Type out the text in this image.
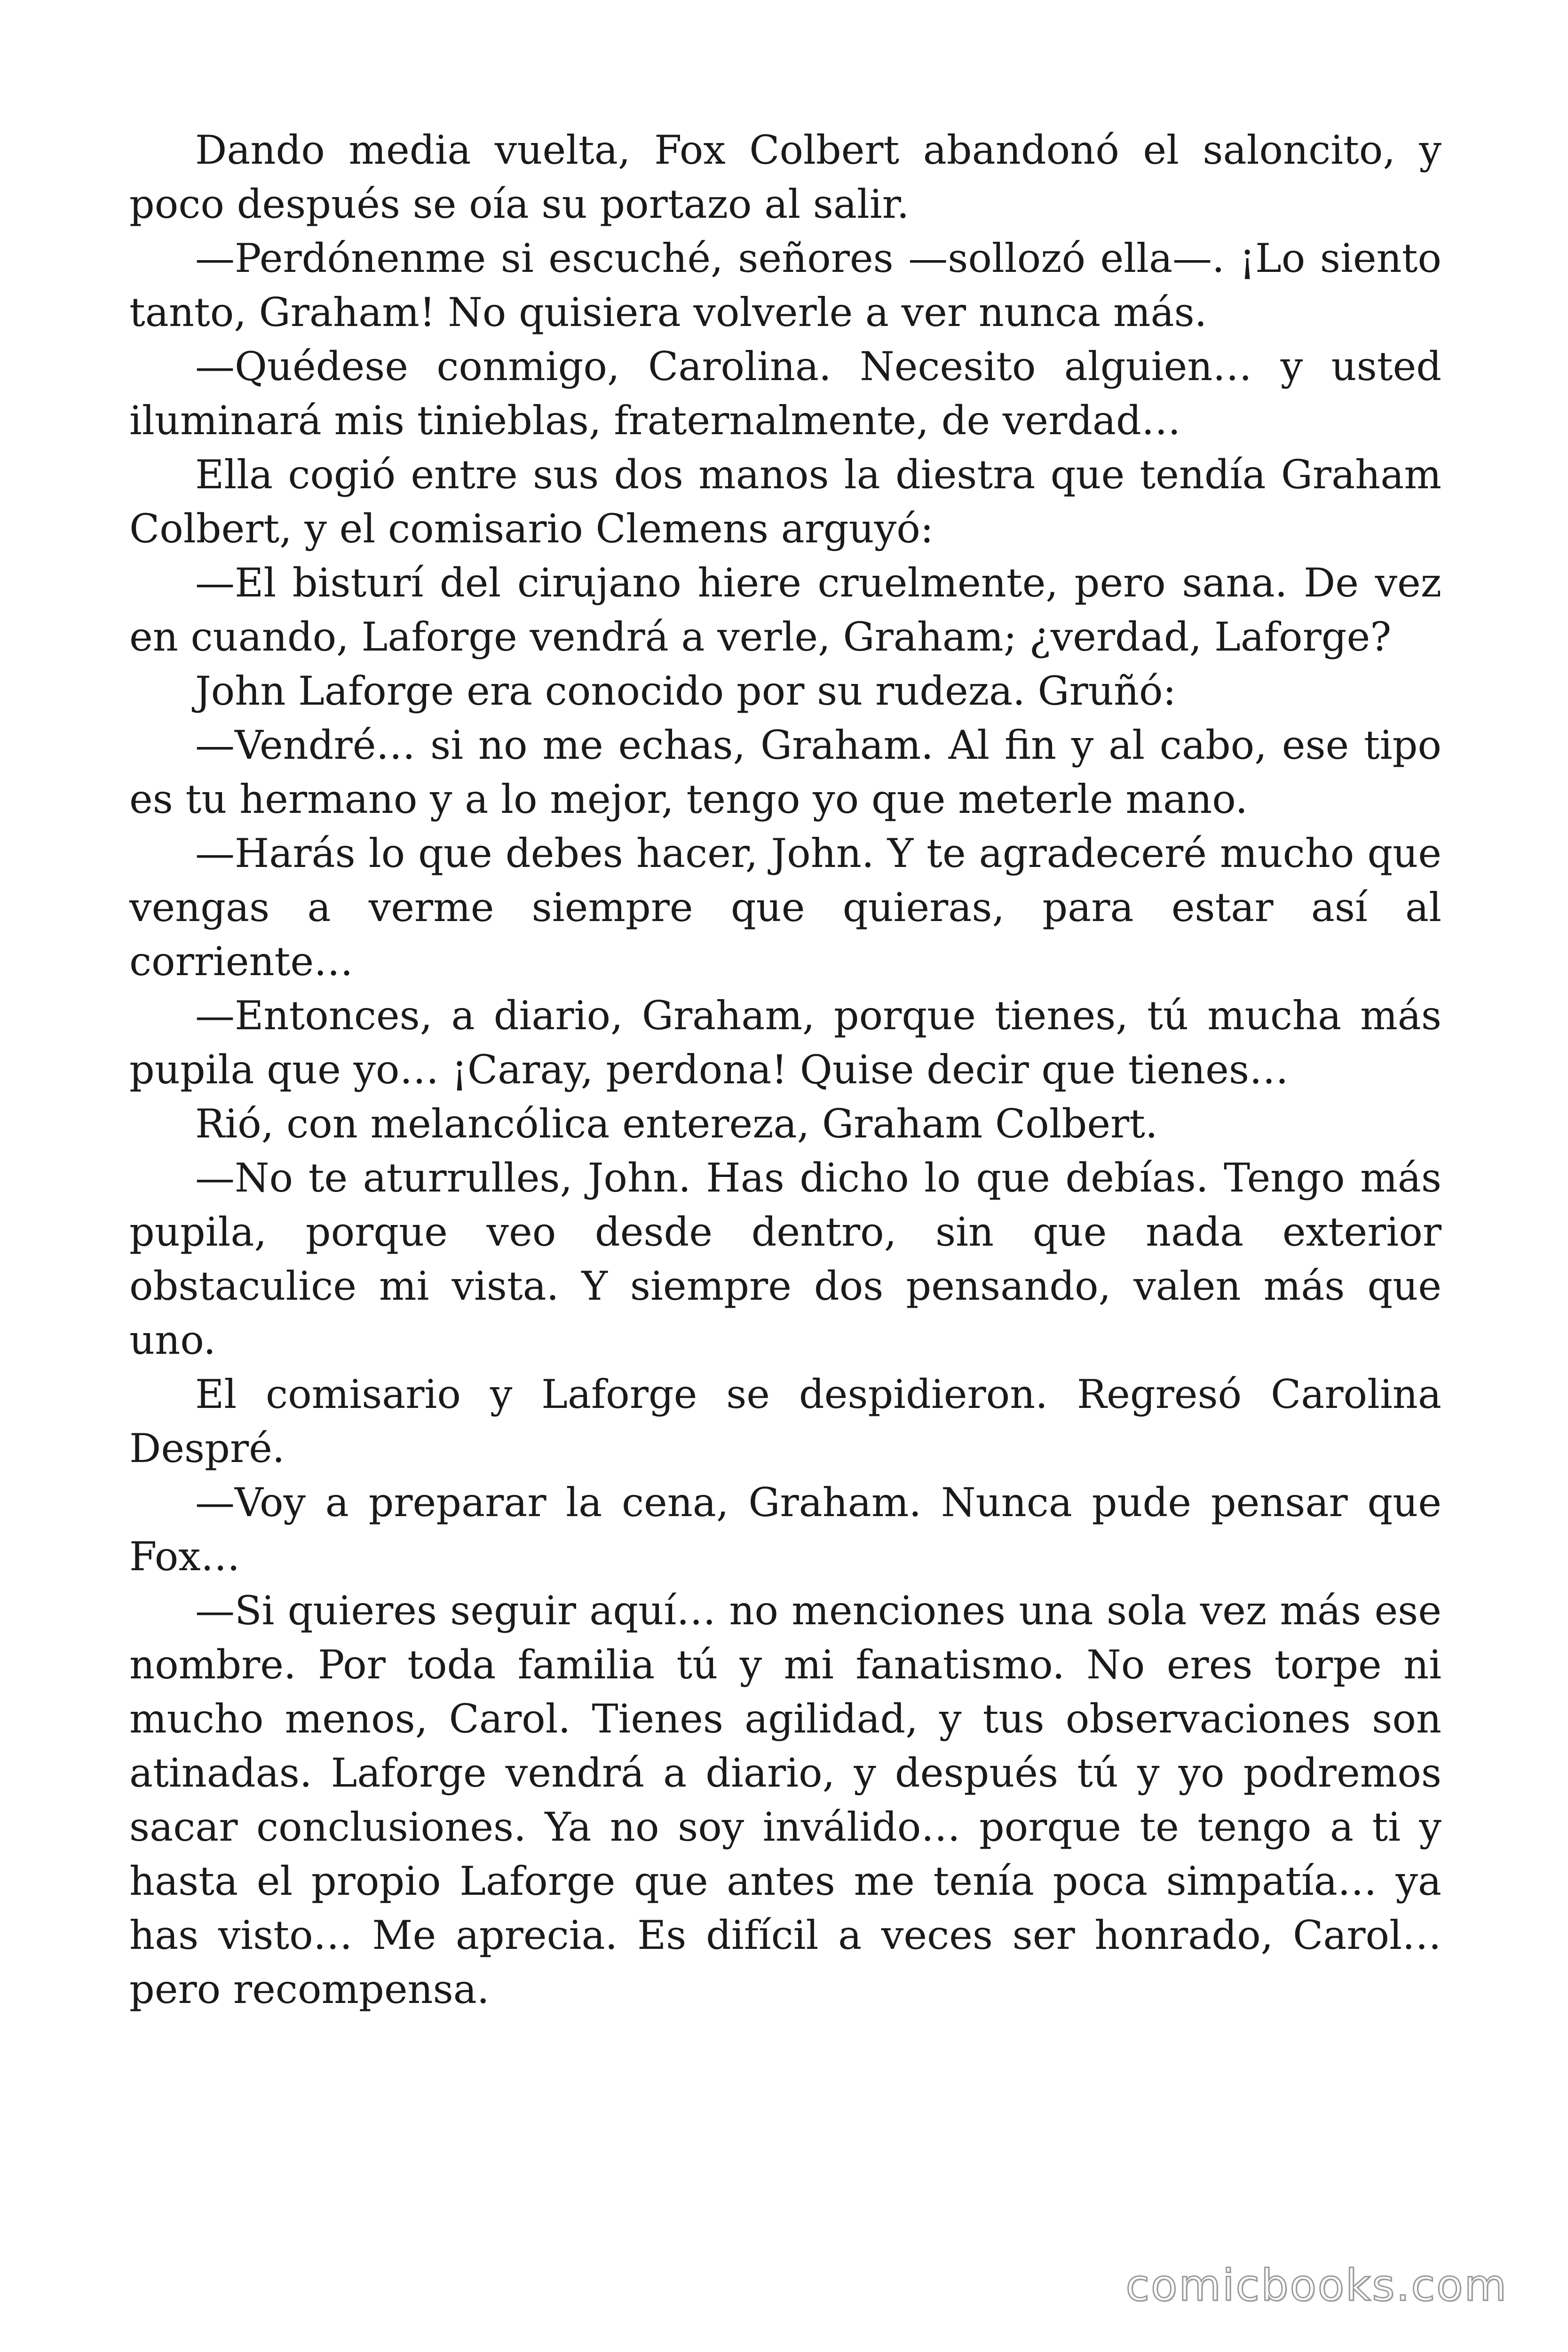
Dando media vuelta, Fox Colbert abandonó el saloncito, y poco después se oía su portazo al salir.

—Perdónenme si escuché, señores —sollozó ella—. ¡Lo siento tanto, Graham! No quisiera volverle a ver nunca más.

—Quédese conmigo, Carolina. Necesito alguien… y usted iluminará mis tinieblas, fraternalmente, de verdad…

Ella cogió entre sus dos manos la diestra que tendía Graham Colbert, y el comisario Clemens arguyó:

—El bisturí del cirujano hiere cruelmente, pero sana. De vez en cuando, Laforge vendrá a verle, Graham; ¿verdad, Laforge?

John Laforge era conocido por su rudeza. Gruñó:

—Vendré… si no me echas, Graham. Al fin y al cabo, ese tipo es tu hermano y a lo mejor, tengo yo que meterle mano.

—Harás lo que debes hacer, John. Y te agradeceré mucho que vengas a verme siempre que quieras, para estar así al corriente…

—Entonces, a diario, Graham, porque tienes, tú mucha más pupila que yo… ¡Caray, perdona! Quise decir que tienes…

Rió, con melancólica entereza, Graham Colbert.

—No te aturrulles, John. Has dicho lo que debías. Tengo más pupila, porque veo desde dentro, sin que nada exterior obstaculice mi vista. Y siempre dos pensando, valen más que uno.

El comisario y Laforge se despidieron. Regresó Carolina Despré.

—Voy a preparar la cena, Graham. Nunca pude pensar que Fox…

—Si quieres seguir aquí… no menciones una sola vez más ese nombre. Por toda familia tú y mi fanatismo. No eres torpe ni mucho menos, Carol. Tienes agilidad, y tus observaciones son atinadas. Laforge vendrá a diario, y después tú y yo podremos sacar conclusiones. Ya no soy inválido… porque te tengo a ti y hasta el propio Laforge que antes me tenía poca simpatía… ya has visto… Me aprecia. Es difícil a veces ser honrado, Carol… pero recompensa.

comicbooks.com
